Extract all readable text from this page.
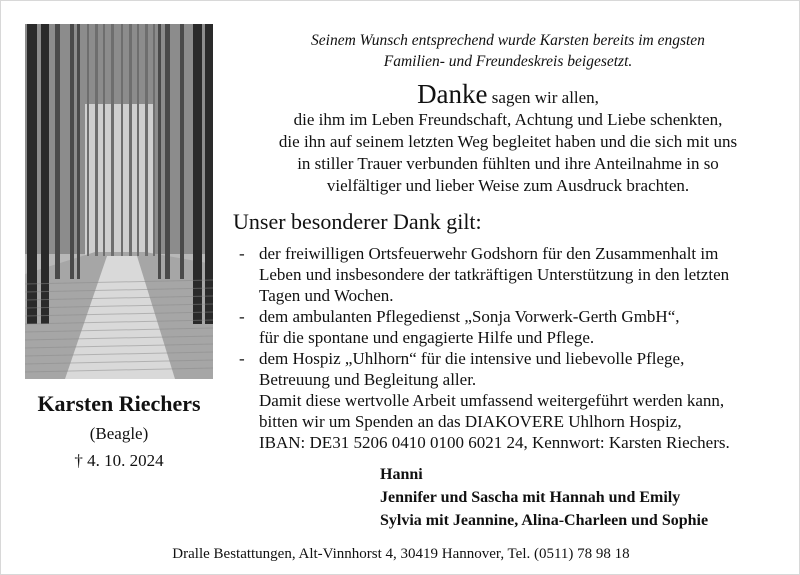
Karsten Riechers
(Beagle)
† 4. 10. 2024
Seinem Wunsch entsprechend wurde Karsten bereits im engsten
Familien- und Freundeskreis beigesetzt.
Danke sagen wir allen,
die ihm im Leben Freundschaft, Achtung und Liebe schenkten,
die ihn auf seinem letzten Weg begleitet haben und die sich mit uns
in stiller Trauer verbunden fühlten und ihre Anteilnahme in so
vielfältiger und lieber Weise zum Ausdruck brachten.
Unser besonderer Dank gilt:
- der freiwilligen Ortsfeuerwehr Godshorn für den Zusammenhalt im
Leben und insbesondere der tatkräftigen Unterstützung in den letzten
Tagen und Wochen.
- dem ambulanten Pflegedienst „Sonja Vorwerk-Gerth GmbH“,
für die spontane und engagierte Hilfe und Pflege.
- dem Hospiz „Uhlhorn“ für die intensive und liebevolle Pflege,
Betreuung und Begleitung aller.
Damit diese wertvolle Arbeit umfassend weitergeführt werden kann,
bitten wir um Spenden an das DIAKOVERE Uhlhorn Hospiz,
IBAN: DE31 5206 0410 0100 6021 24, Kennwort: Karsten Riechers.
Hanni
Jennifer und Sascha mit Hannah und Emily
Sylvia mit Jeannine, Alina-Charleen und Sophie
Dralle Bestattungen, Alt-Vinnhorst 4, 30419 Hannover, Tel. (0511) 78 98 18
